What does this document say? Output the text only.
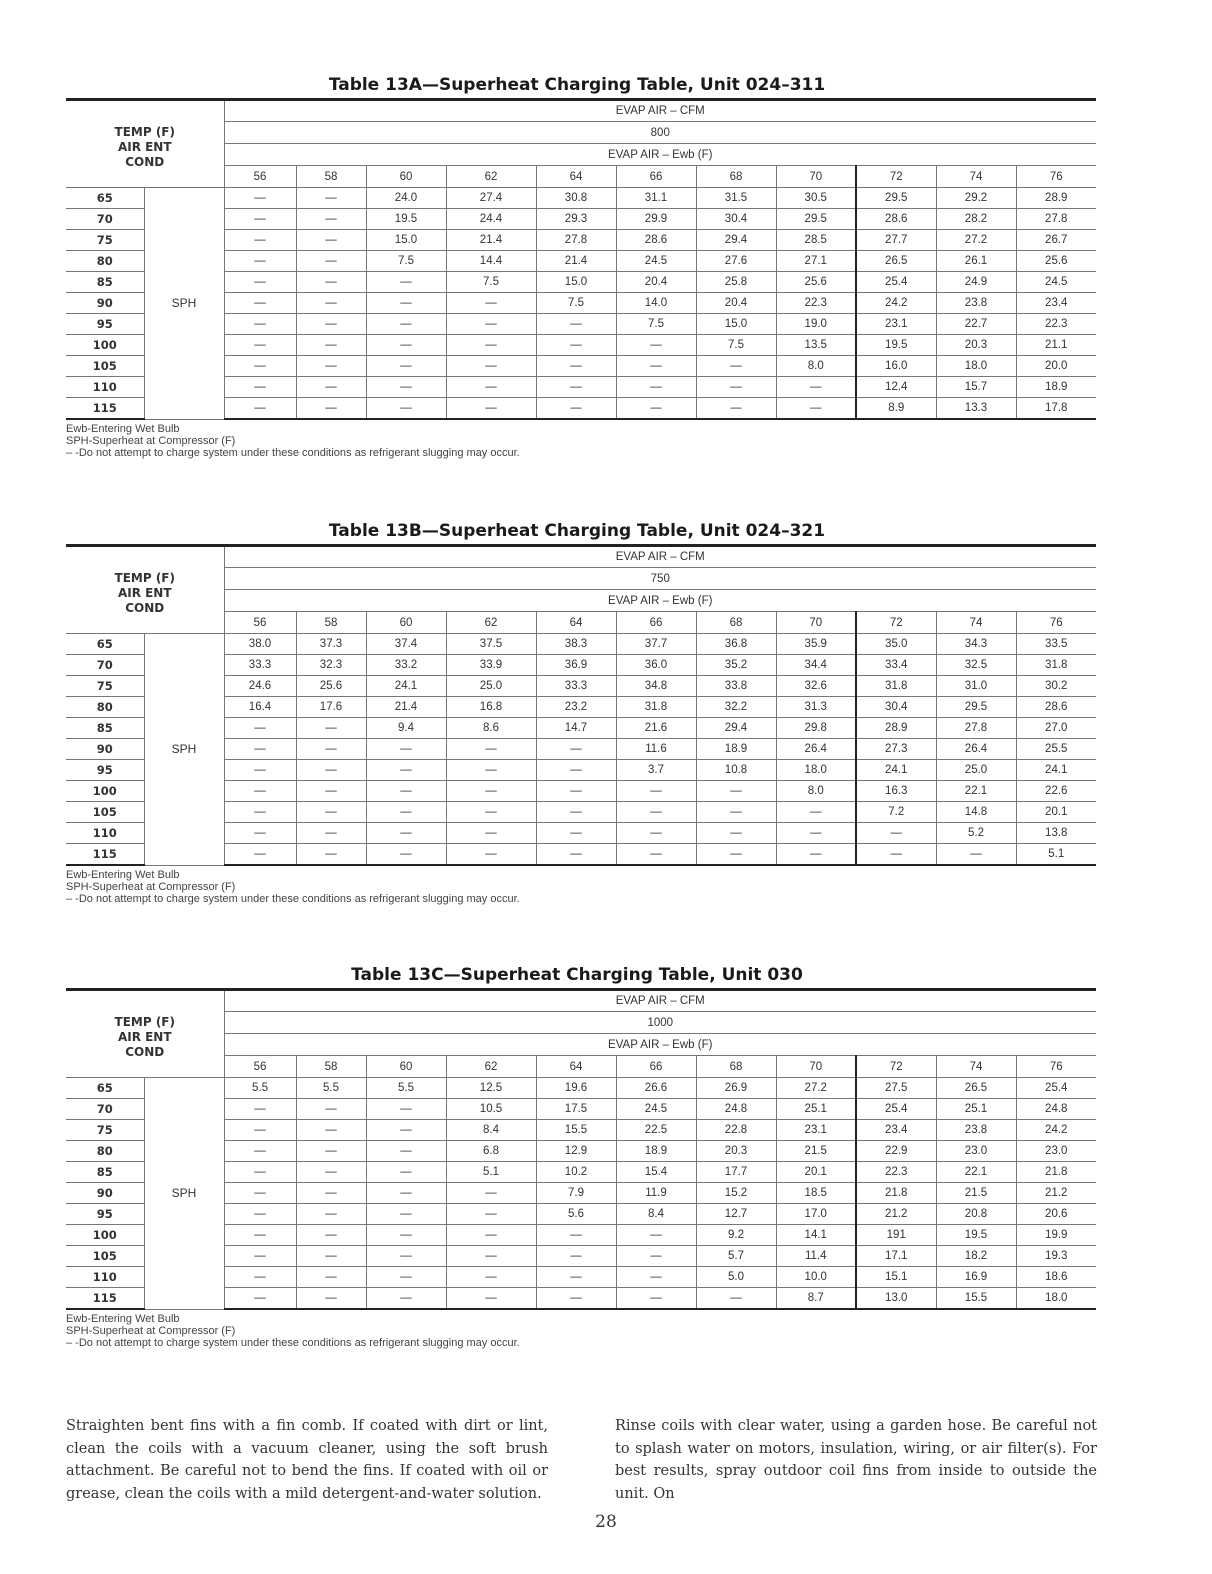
Table 13A—Superheat Charging Table, Unit 024–311
TEMP (F)
AIR ENT
COND		EVAP AIR – CFM										
		800										
		EVAP AIR – Ewb (F)										
		56	58	60	62	64	66	68	70	72	74	76
65	SPH	—	—	24.0	27.4	30.8	31.1	31.5	30.5	29.5	29.2	28.9
70		—	—	19.5	24.4	29.3	29.9	30.4	29.5	28.6	28.2	27.8
75		—	—	15.0	21.4	27.8	28.6	29.4	28.5	27.7	27.2	26.7
80		—	—	7.5	14.4	21.4	24.5	27.6	27.1	26.5	26.1	25.6
85		—	—	—	7.5	15.0	20.4	25.8	25.6	25.4	24.9	24.5
90		—	—	—	—	7.5	14.0	20.4	22.3	24.2	23.8	23.4
95		—	—	—	—	—	7.5	15.0	19.0	23.1	22.7	22.3
100		—	—	—	—	—	—	7.5	13.5	19.5	20.3	21.1
105		—	—	—	—	—	—	—	8.0	16.0	18.0	20.0
110		—	—	—	—	—	—	—	—	12.4	15.7	18.9
115		—	—	—	—	—	—	—	—	8.9	13.3	17.8
Ewb-Entering Wet Bulb
SPH-Superheat at Compressor (F)
– -Do not attempt to charge system under these conditions as refrigerant slugging may occur.
Table 13B—Superheat Charging Table, Unit 024–321
TEMP (F)
AIR ENT
COND		EVAP AIR – CFM										
		750										
		EVAP AIR – Ewb (F)										
		56	58	60	62	64	66	68	70	72	74	76
65	SPH	38.0	37.3	37.4	37.5	38.3	37.7	36.8	35.9	35.0	34.3	33.5
70		33.3	32.3	33.2	33.9	36.9	36.0	35.2	34.4	33.4	32.5	31.8
75		24.6	25.6	24.1	25.0	33.3	34.8	33.8	32.6	31.8	31.0	30.2
80		16.4	17.6	21.4	16.8	23.2	31.8	32.2	31.3	30.4	29.5	28.6
85		—	—	9.4	8.6	14.7	21.6	29.4	29.8	28.9	27.8	27.0
90		—	—	—	—	—	11.6	18.9	26.4	27.3	26.4	25.5
95		—	—	—	—	—	3.7	10.8	18.0	24.1	25.0	24.1
100		—	—	—	—	—	—	—	8.0	16.3	22.1	22.6
105		—	—	—	—	—	—	—	—	7.2	14.8	20.1
110		—	—	—	—	—	—	—	—	—	5.2	13.8
115		—	—	—	—	—	—	—	—	—	—	5.1
Ewb-Entering Wet Bulb
SPH-Superheat at Compressor (F)
– -Do not attempt to charge system under these conditions as refrigerant slugging may occur.
Table 13C—Superheat Charging Table, Unit 030
TEMP (F)
AIR ENT
COND		EVAP AIR – CFM										
		1000										
		EVAP AIR – Ewb (F)										
		56	58	60	62	64	66	68	70	72	74	76
65	SPH	5.5	5.5	5.5	12.5	19.6	26.6	26.9	27.2	27.5	26.5	25.4
70		—	—	—	10.5	17.5	24.5	24.8	25.1	25.4	25.1	24.8
75		—	—	—	8.4	15.5	22.5	22.8	23.1	23.4	23.8	24.2
80		—	—	—	6.8	12.9	18.9	20.3	21.5	22.9	23.0	23.0
85		—	—	—	5.1	10.2	15.4	17.7	20.1	22.3	22.1	21.8
90		—	—	—	—	7.9	11.9	15.2	18.5	21.8	21.5	21.2
95		—	—	—	—	5.6	8.4	12.7	17.0	21.2	20.8	20.6
100		—	—	—	—	—	—	9.2	14.1	191	19.5	19.9
105		—	—	—	—	—	—	5.7	11.4	17.1	18.2	19.3
110		—	—	—	—	—	—	5.0	10.0	15.1	16.9	18.6
115		—	—	—	—	—	—	—	8.7	13.0	15.5	18.0
Ewb-Entering Wet Bulb
SPH-Superheat at Compressor (F)
– -Do not attempt to charge system under these conditions as refrigerant slugging may occur.
Straighten bent fins with a fin comb. If coated with dirt or lint, clean the coils with a vacuum cleaner, using the soft brush attachment. Be careful not to bend the fins. If coated with oil or grease, clean the coils with a mild detergent-and-water solution.
Rinse coils with clear water, using a garden hose. Be careful not to splash water on motors, insulation, wiring, or air filter(s). For best results, spray outdoor coil fins from inside to outside the unit. On
28
